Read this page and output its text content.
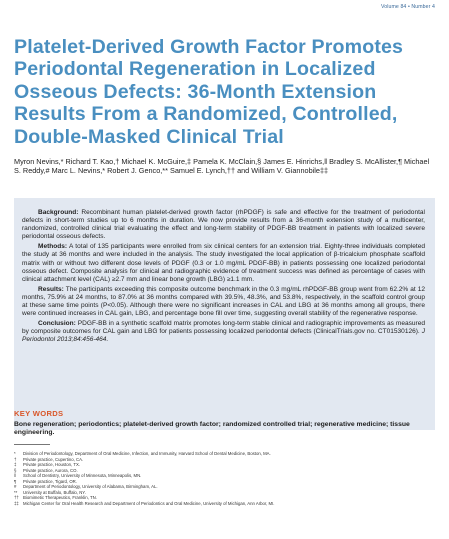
Volume 84 • Number 4
Platelet-Derived Growth Factor Promotes Periodontal Regeneration in Localized Osseous Defects: 36-Month Extension Results From a Randomized, Controlled, Double-Masked Clinical Trial
Myron Nevins,* Richard T. Kao,† Michael K. McGuire,‡ Pamela K. McClain,§ James E. Hinrichs,‖ Bradley S. McAllister,¶ Michael S. Reddy,# Marc L. Nevins,* Robert J. Genco,** Samuel E. Lynch,†† and William V. Giannobile‡‡

Background: Recombinant human platelet-derived growth factor (rhPDGF) is safe and effective for the treatment of periodontal defects in short-term studies up to 6 months in duration. We now provide results from a 36-month extension study of a multicenter, randomized, controlled clinical trial evaluating the effect and long-term stability of PDGF-BB treatment in patients with localized severe periodontal osseous defects.

Methods: A total of 135 participants were enrolled from six clinical centers for an extension trial. Eighty-three individuals completed the study at 36 months and were included in the analysis. The study investigated the local application of β-tricalcium phosphate scaffold matrix with or without two different dose levels of PDGF (0.3 or 1.0 mg/mL PDGF-BB) in patients possessing one localized periodontal osseous defect. Composite analysis for clinical and radiographic evidence of treatment success was defined as percentage of cases with clinical attachment level (CAL) ≥2.7 mm and linear bone growth (LBG) ≥1.1 mm.

Results: The participants exceeding this composite outcome benchmark in the 0.3 mg/mL rhPDGF-BB group went from 62.2% at 12 months, 75.9% at 24 months, to 87.0% at 36 months compared with 39.5%, 48.3%, and 53.8%, respectively, in the scaffold control group at these same time points (P<0.05). Although there were no significant increases in CAL and LBG at 36 months among all groups, there were continued increases in CAL gain, LBG, and percentage bone fill over time, suggesting overall stability of the regenerative response.

Conclusion: PDGF-BB in a synthetic scaffold matrix promotes long-term stable clinical and radiographic improvements as measured by composite outcomes for CAL gain and LBG for patients possessing localized periodontal defects (ClinicalTrials.gov no. CT01530126). J Periodontol 2013;84:456-464.

KEY WORDS
Bone regeneration; periodontics; platelet-derived growth factor; randomized controlled trial; regenerative medicine; tissue engineering.
*	Division of Periodontology, Department of Oral Medicine, Infection, and Immunity, Harvard School of Dental Medicine, Boston, MA.
†	Private practice, Cupertino, CA.
‡	Private practice, Houston, TX.
§	Private practice, Aurora, CO.
‖	School of Dentistry, University of Minnesota, Minneapolis, MN.
¶	Private practice, Tigard, OR.
#	Department of Periodontology, University of Alabama, Birmingham, AL.
**	University at Buffalo, Buffalo, NY.
†† Biomimetic Therapeutics, Franklin, TN.
‡‡ Michigan Center for Oral Health Research and Department of Periodontics and Oral Medicine, University of Michigan, Ann Arbor, MI.
